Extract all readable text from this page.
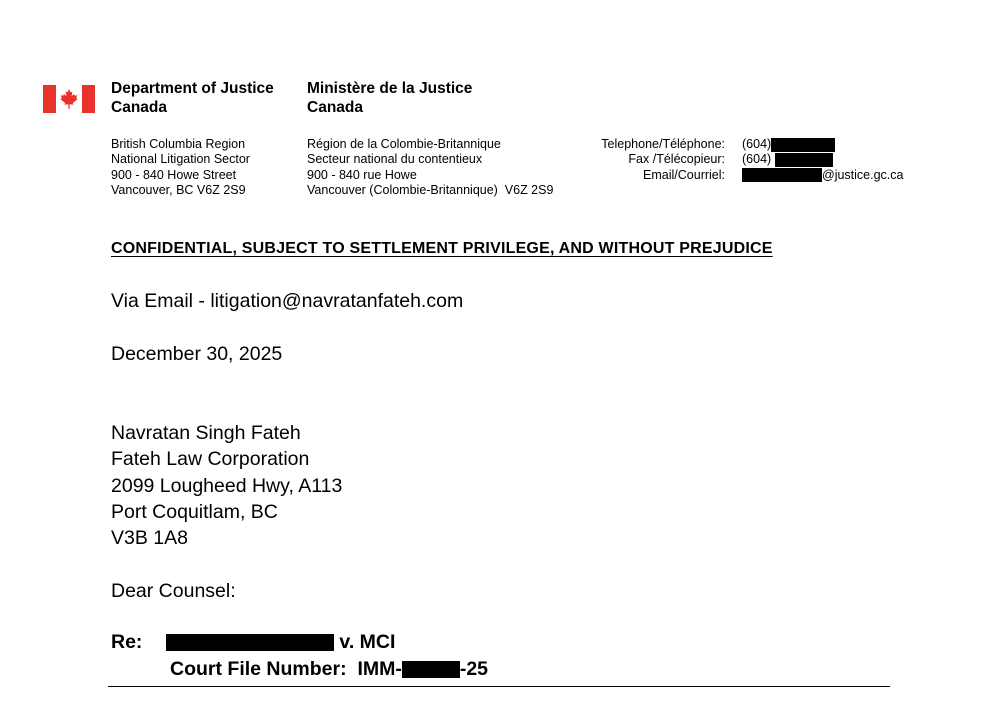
Department of Justice
Canada
Ministère de la Justice
Canada
British Columbia Region
National Litigation Sector
900 - 840 Howe Street
Vancouver, BC V6Z 2S9
Région de la Colombie-Britannique
Secteur national du contentieux
900 - 840 rue Howe
Vancouver (Colombie-Britannique)  V6Z 2S9
Telephone/Téléphone:
Fax /Télécopieur:
Email/Courriel:
(604)
(604)
@justice.gc.ca
CONFIDENTIAL, SUBJECT TO SETTLEMENT PRIVILEGE, AND WITHOUT PREJUDICE
Via Email - litigation@navratanfateh.com
December 30, 2025
Navratan Singh Fateh
Fateh Law Corporation
2099 Lougheed Hwy, A113
Port Coquitlam, BC
V3B 1A8
Dear Counsel:
Re:	v. MCI
Court File Number: IMM-	-25
